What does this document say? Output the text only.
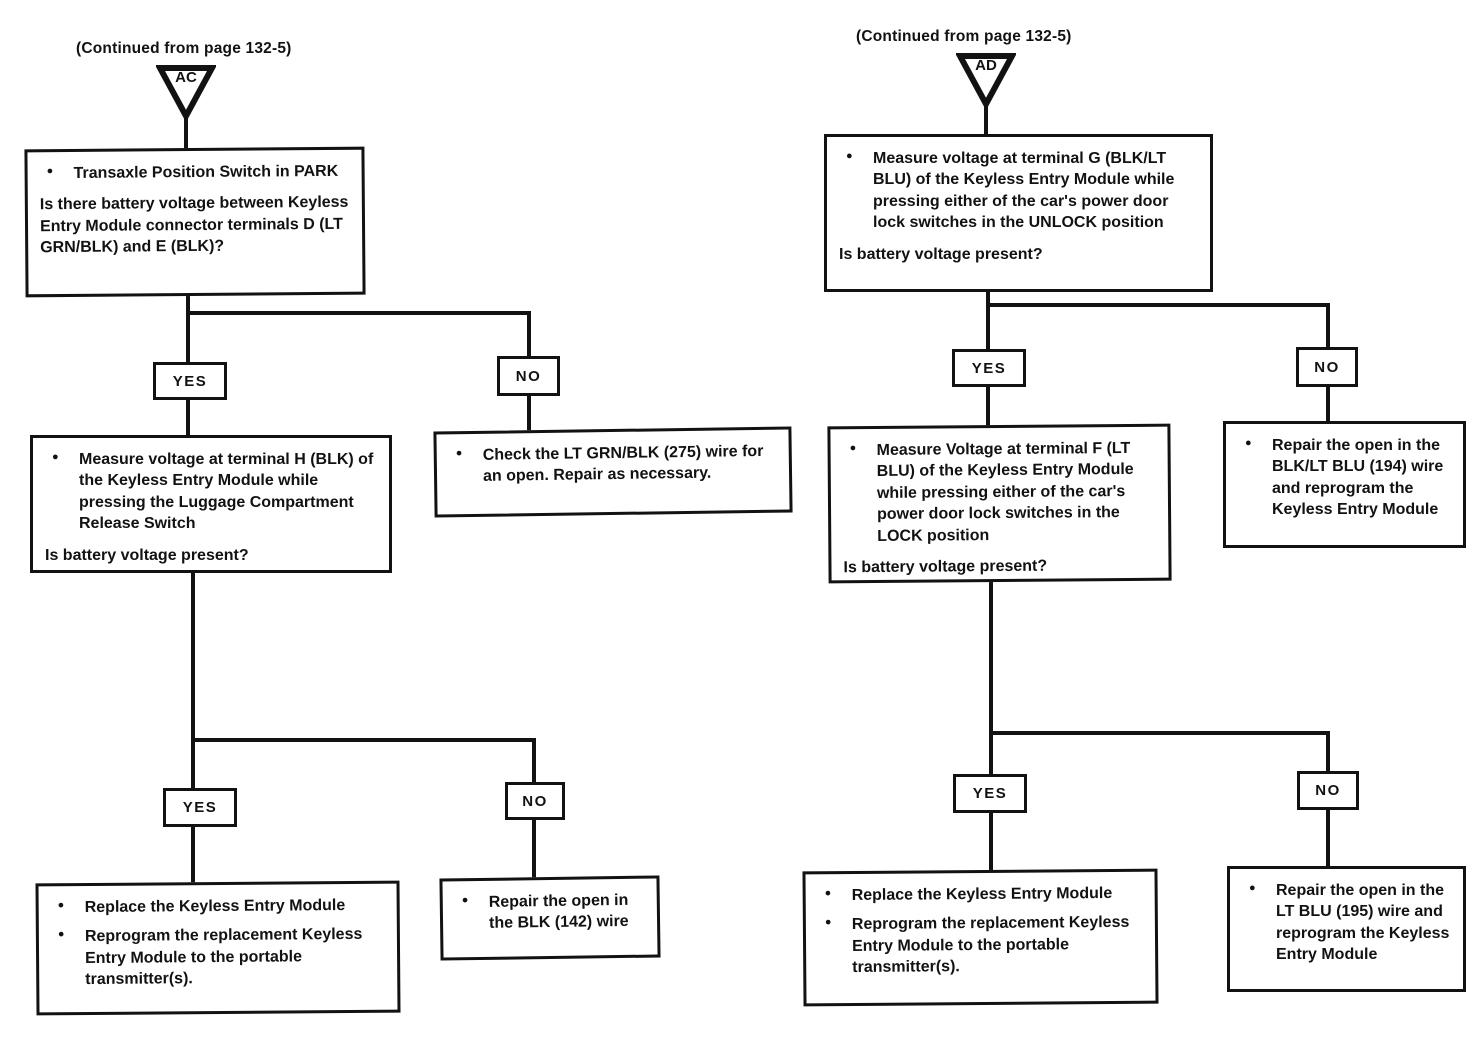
(Continued from page 132-5)
AC
● Transaxle Position Switch in PARK

Is there battery voltage between Keyless Entry Module connector terminals D (LT GRN/BLK) and E (BLK)?

YES	NO
● Check the LT GRN/BLK (275) wire for an open. Repair as necessary.
● Measure voltage at terminal H (BLK) of the Keyless Entry Module while pressing the Luggage Compartment Release Switch

Is battery voltage present?

YES	NO
● Replace the Keyless Entry Module
● Reprogram the replacement Keyless Entry Module to the portable transmitter(s).
● Repair the open in the BLK (142) wire
(Continued from page 132-5)
AD
● Measure voltage at terminal G (BLK/LT BLU) of the Keyless Entry Module while pressing either of the car's power door lock switches in the UNLOCK position

Is battery voltage present?

YES	NO
● Repair the open in the BLK/LT BLU (194) wire and reprogram the Keyless Entry Module
● Measure Voltage at terminal F (LT BLU) of the Keyless Entry Module while pressing either of the car's power door lock switches in the LOCK position

Is battery voltage present?

YES	NO
● Replace the Keyless Entry Module
● Reprogram the replacement Keyless Entry Module to the portable transmitter(s).
● Repair the open in the LT BLU (195) wire and reprogram the Keyless Entry Module
